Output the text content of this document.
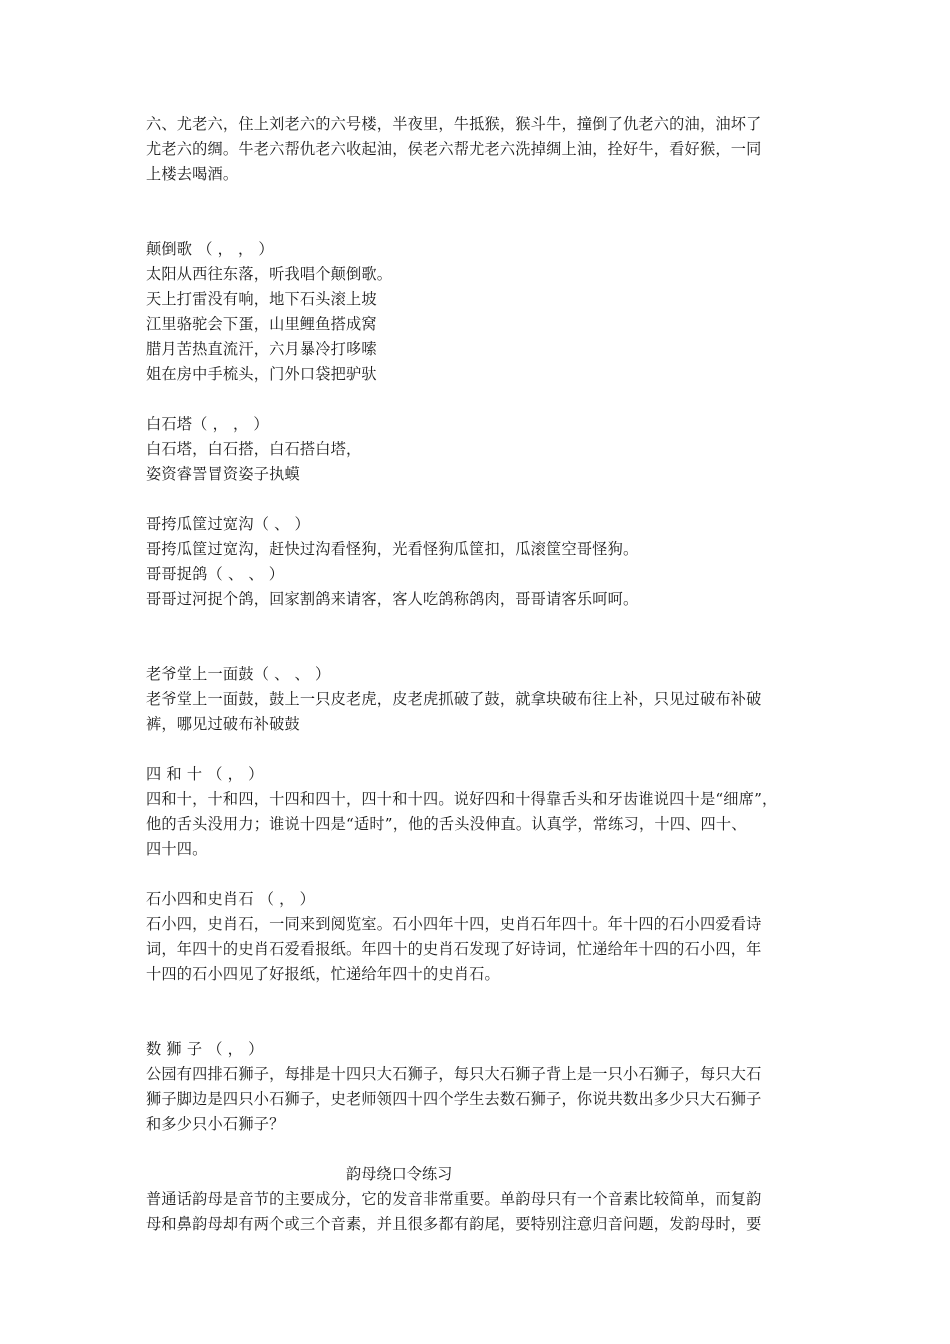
六、尤老六，住上刘老六的六号楼，半夜里，牛抵猴，猴斗牛，撞倒了仇老六的油，油坏了
尤老六的绸。牛老六帮仇老六收起油，侯老六帮尤老六洗掉绸上油，拴好牛，看好猴，一同
上楼去喝酒。
颠倒歌 （ ， ， ）
太阳从西往东落，听我唱个颠倒歌。
天上打雷没有响，地下石头滚上坡
江里骆驼会下蛋，山里鲤鱼搭成窝
腊月苦热直流汗，六月暴冷打哆嗦
姐在房中手梳头，门外口袋把驴驮
白石塔（ ， ， ）
白石塔，白石搭，白石搭白塔，
姿资睿詈冒资姿子执蟆
哥挎瓜筐过宽沟（ 、 ）
哥挎瓜筐过宽沟，赶快过沟看怪狗，光看怪狗瓜筐扣，瓜滚筐空哥怪狗。
哥哥捉鸽（ 、 、 ）
哥哥过河捉个鸽，回家割鸽来请客，客人吃鸽称鸽肉，哥哥请客乐呵呵。
老爷堂上一面鼓（ 、 、 ）
老爷堂上一面鼓，鼓上一只皮老虎，皮老虎抓破了鼓，就拿块破布往上补，只见过破布补破
裤，哪见过破布补破鼓
四 和 十 （ ， ）
四和十，十和四，十四和四十，四十和十四。说好四和十得靠舌头和牙齿谁说四十是“细席”，
他的舌头没用力；谁说十四是“适时”，他的舌头没伸直。认真学，常练习，十四、四十、
四十四。
石小四和史肖石 （ ， ）
石小四，史肖石，一同来到阅览室。石小四年十四，史肖石年四十。年十四的石小四爱看诗
词，年四十的史肖石爱看报纸。年四十的史肖石发现了好诗词，忙递给年十四的石小四，年
十四的石小四见了好报纸，忙递给年四十的史肖石。
数 狮 子 （ ， ）
公园有四排石狮子，每排是十四只大石狮子，每只大石狮子背上是一只小石狮子，每只大石
狮子脚边是四只小石狮子，史老师领四十四个学生去数石狮子，你说共数出多少只大石狮子
和多少只小石狮子？
韵母绕口令练习
普通话韵母是音节的主要成分，它的发音非常重要。单韵母只有一个音素比较简单，而复韵
母和鼻韵母却有两个或三个音素，并且很多都有韵尾，要特别注意归音问题，发韵母时，要
